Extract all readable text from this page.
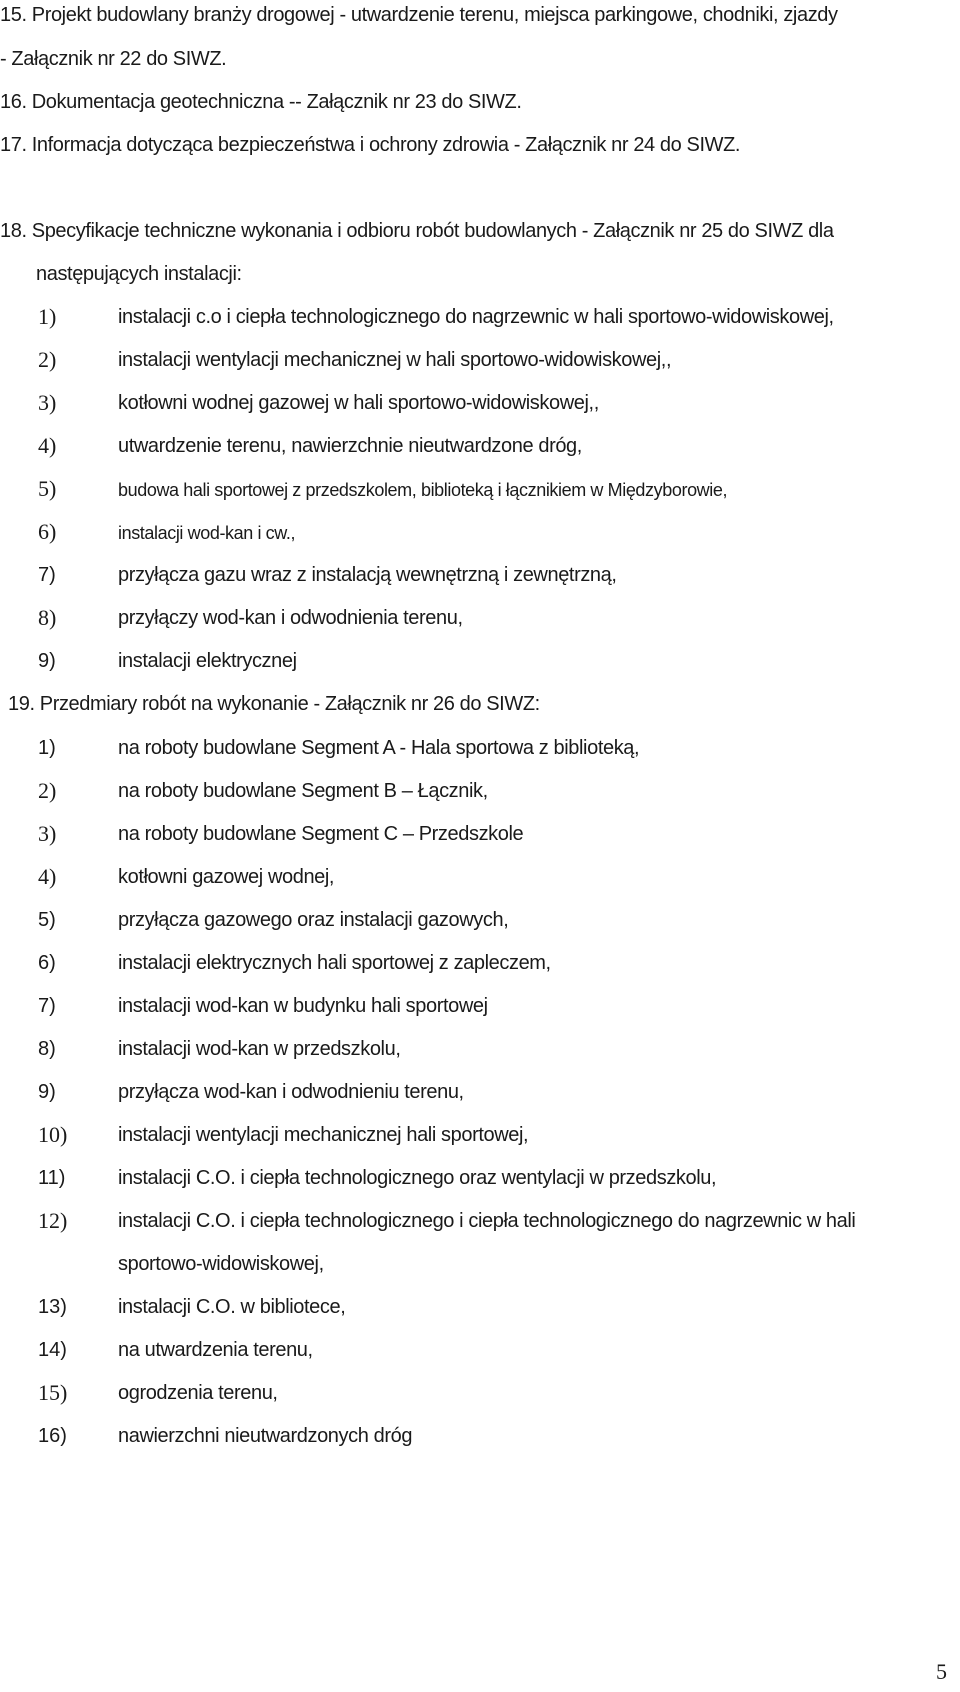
15. Projekt budowlany branży drogowej - utwardzenie terenu, miejsca parkingowe, chodniki, zjazdy
- Załącznik nr 22 do SIWZ.
16. Dokumentacja geotechniczna -- Załącznik nr 23 do SIWZ.
17. Informacja dotycząca bezpieczeństwa i ochrony zdrowia - Załącznik nr 24 do SIWZ.
18. Specyfikacje techniczne wykonania i odbioru robót budowlanych - Załącznik nr 25 do SIWZ dla
następujących instalacji:
1)	instalacji c.o i ciepła technologicznego do nagrzewnic w hali sportowo-widowiskowej,
2)	instalacji wentylacji mechanicznej w hali sportowo-widowiskowej,,
3)	kotłowni wodnej gazowej w hali sportowo-widowiskowej,,
4)	utwardzenie terenu, nawierzchnie nieutwardzone dróg,
5)	budowa hali sportowej z przedszkolem, biblioteką i łącznikiem w Międzyborowie,
6)	instalacji wod-kan i cw.,
7)	przyłącza gazu wraz z instalacją wewnętrzną i zewnętrzną,
8)	przyłączy wod-kan i odwodnienia terenu,
9)	instalacji elektrycznej
19. Przedmiary robót na wykonanie - Załącznik nr 26 do SIWZ:
1)	na roboty budowlane Segment A - Hala sportowa z biblioteką,
2)	na roboty budowlane Segment B – Łącznik,
3)	na roboty budowlane Segment C – Przedszkole
4)	kotłowni gazowej wodnej,
5)	przyłącza gazowego oraz instalacji gazowych,
6)	instalacji elektrycznych hali sportowej z zapleczem,
7)	instalacji wod-kan w budynku hali sportowej
8)	instalacji wod-kan w przedszkolu,
9)	przyłącza wod-kan i odwodnieniu terenu,
10)	instalacji wentylacji mechanicznej hali sportowej,
11)	instalacji C.O. i ciepła technologicznego oraz wentylacji w przedszkolu,
12)	instalacji C.O. i ciepła technologicznego i ciepła technologicznego do nagrzewnic w hali
sportowo-widowiskowej,
13)	instalacji C.O. w bibliotece,
14)	na utwardzenia terenu,
15)	ogrodzenia terenu,
16)	nawierzchni nieutwardzonych dróg
5
